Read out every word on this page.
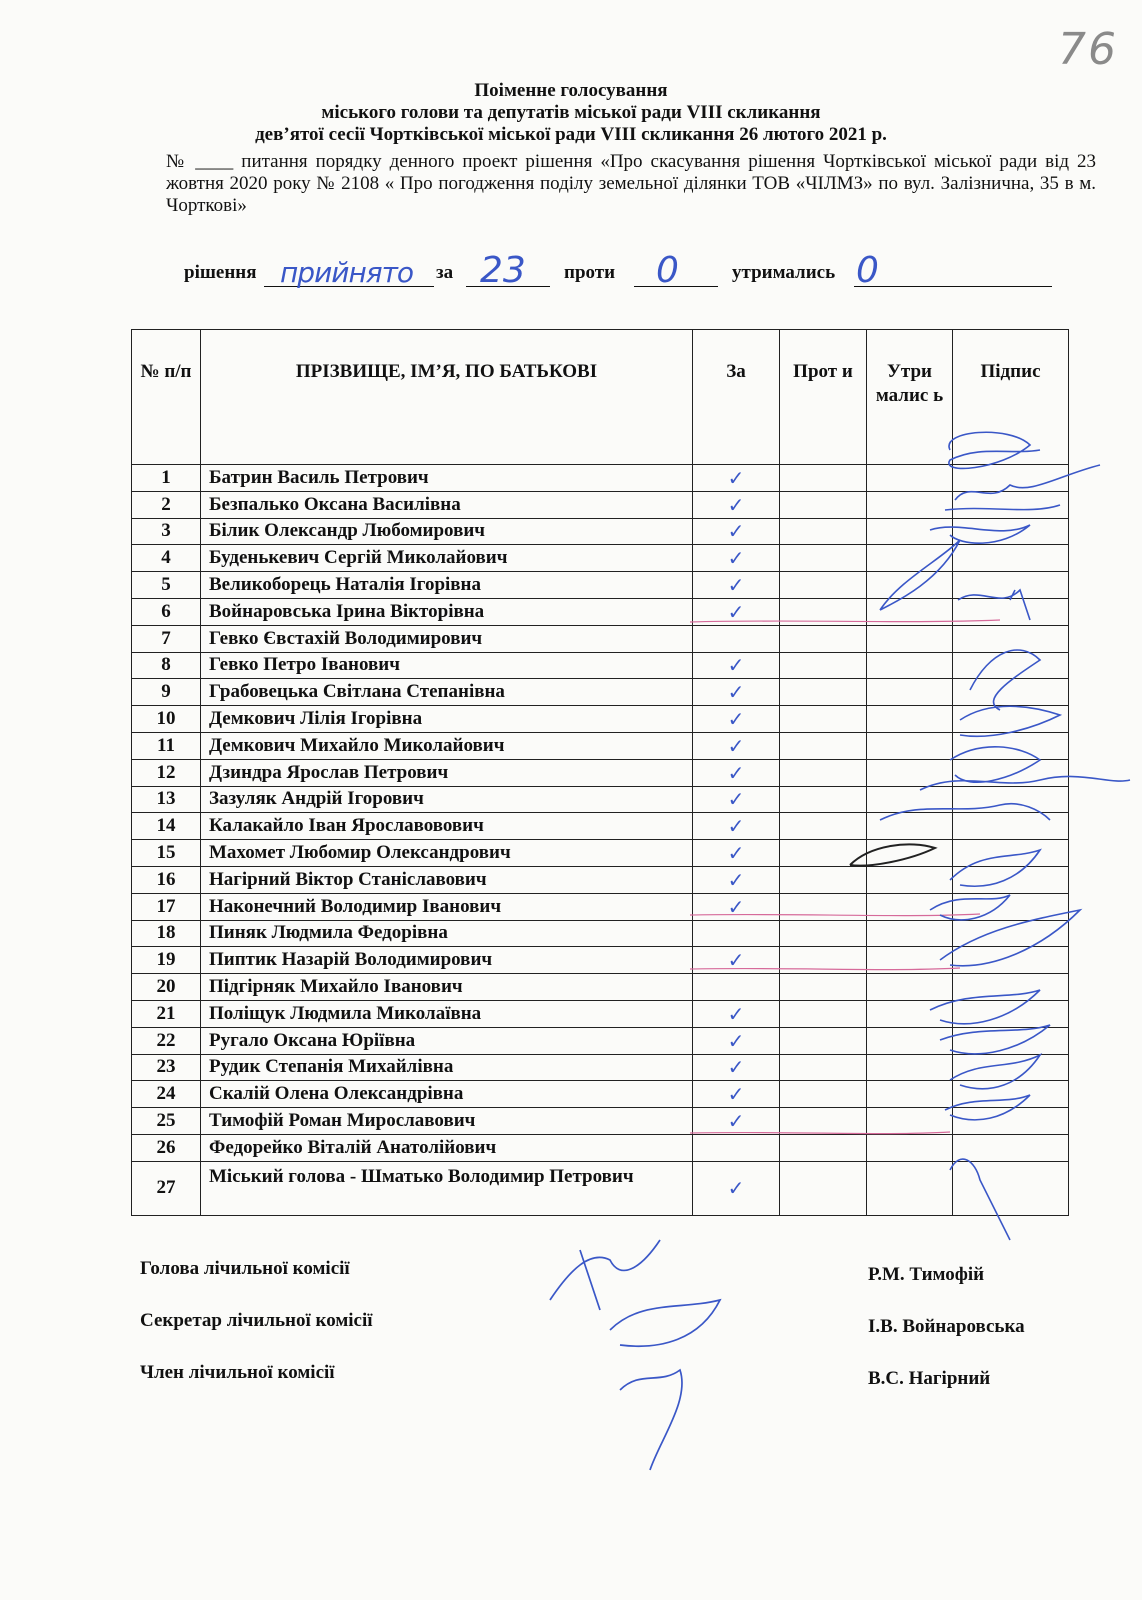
76
Поіменне голосування
міського голови та депутатів міської ради VIII скликання
дев’ятої сесії Чортківської міської ради VIII скликання 26 лютого 2021 р.
№ ____ питання порядку денного проект рішення «Про скасування рішення Чортківської міської ради від 23 жовтня 2020 року № 2108 « Про погодження поділу земельної ділянки ТОВ «ЧІЛМЗ» по вул. Залізнична, 35 в м. Чорткові»
рішення прийнято за 23 проти 0	утримались 0
№ п/п	ПРІЗВИЩЕ, ІМ’Я, ПО БАТЬКОВІ	За	Прот и	Утри малис ь	Підпис
1	Батрин Василь Петрович	✓			
2	Безпалько Оксана Василівна	✓			
3	Білик Олександр Любомирович	✓			
4	Буденькевич Сергій Миколайович	✓			
5	Великоборець Наталія Ігорівна	✓			
6	Войнаровська Ірина Вікторівна	✓			
7	Гевко Євстахій Володимирович				
8	Гевко Петро Іванович	✓			
9	Грабовецька Світлана Степанівна	✓			
10	Демкович Лілія Ігорівна	✓			
11	Демкович Михайло Миколайович	✓			
12	Дзиндра Ярослав Петрович	✓			
13	Зазуляк Андрій Ігорович	✓			
14	Калакайло Іван Ярославовович	✓			
15	Махомет Любомир Олександрович	✓			
16	Нагірний Віктор Станіславович	✓			
17	Наконечний Володимир Іванович	✓			
18	Пиняк Людмила Федорівна				
19	Пиптик Назарій Володимирович	✓			
20	Підгірняк Михайло Іванович				
21	Поліщук Людмила Миколаївна	✓			
22	Ругало Оксана Юріївна	✓			
23	Рудик Степанія Михайлівна	✓			
24	Скалій Олена Олександрівна	✓			
25	Тимофій Роман Мирославович	✓			
26	Федорейко Віталій Анатолійович				
27	Міський голова - Шматько Володимир Петрович	✓			
Голова лічильної комісії	Р.М. Тимофій
Секретар лічильної комісії	І.В. Войнаровська
Член лічильної комісії	В.С. Нагірний
